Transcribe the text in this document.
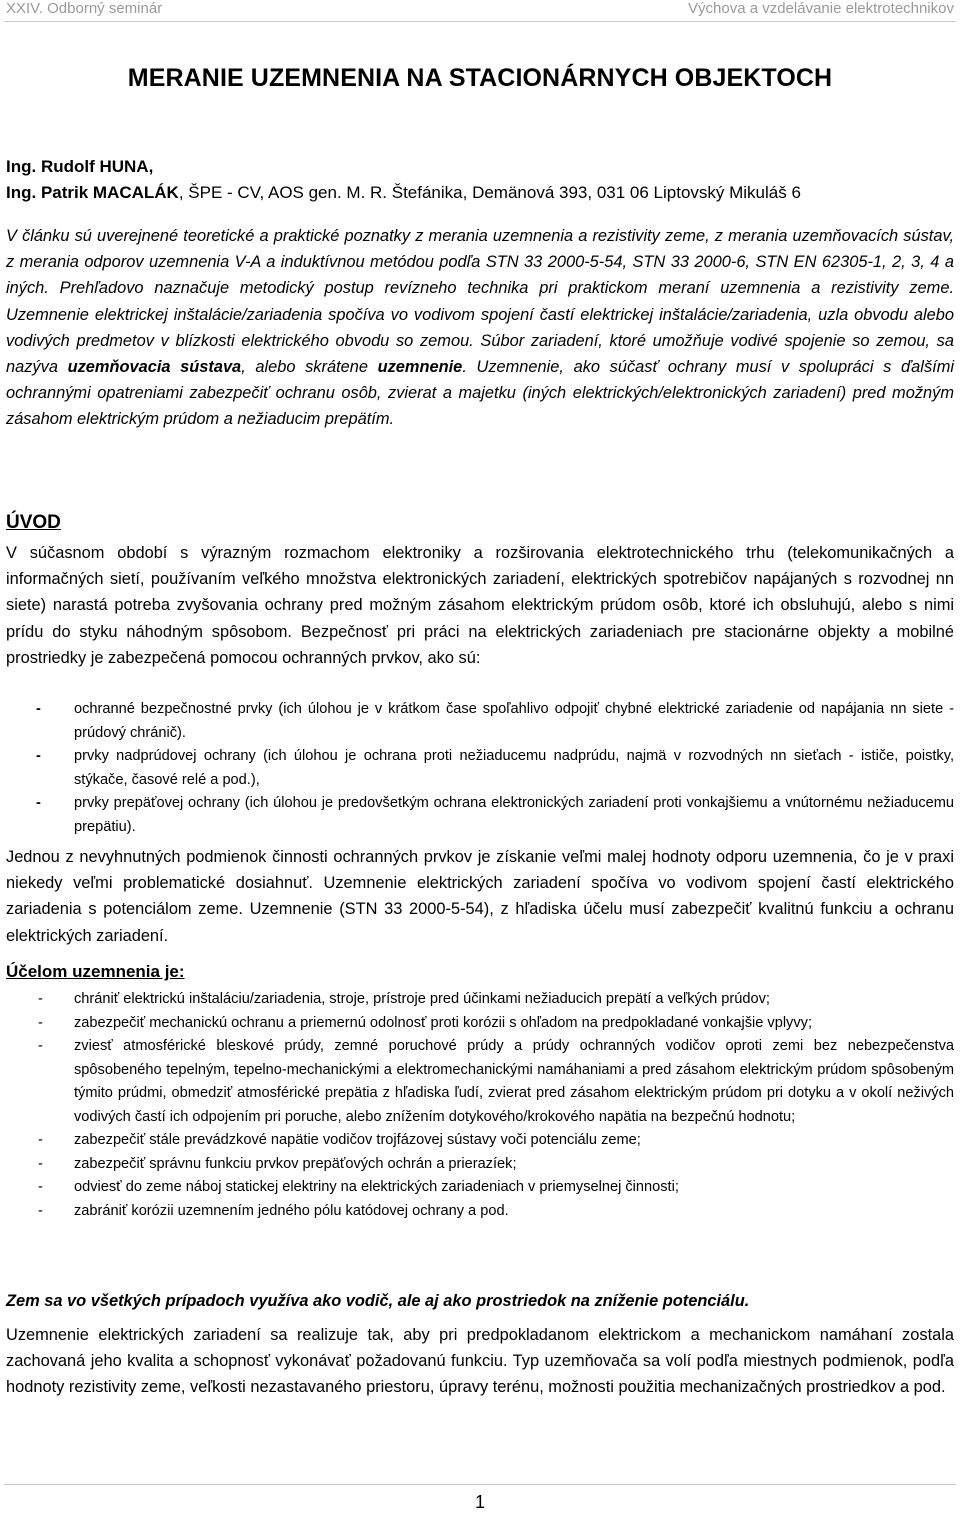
XXIV. Odborný seminár	Výchova a vzdelávanie elektrotechnikov
MERANIE UZEMNENIA NA STACIONÁRNYCH OBJEKTOCH
Ing. Rudolf HUNA,
Ing. Patrik MACALÁK, ŠPE - CV, AOS gen. M. R. Štefánika, Demänová 393, 031 06 Liptovský Mikuláš 6
V článku sú uverejnené teoretické a praktické poznatky z merania uzemnenia a rezistivity zeme, z merania uzemňovacích sústav, z merania odporov uzemnenia V-A a induktívnou metódou podľa STN 33 2000-5-54, STN 33 2000-6, STN EN 62305-1, 2, 3, 4 a iných. Prehľadovo naznačuje metodický postup revízneho technika pri praktickom meraní uzemnenia a rezistivity zeme. Uzemnenie elektrickej inštalácie/zariadenia spočíva vo vodivom spojení častí elektrickej inštalácie/zariadenia, uzla obvodu alebo vodivých predmetov v blízkosti elektrického obvodu so zemou. Súbor zariadení, ktoré umožňuje vodivé spojenie so zemou, sa nazýva uzemňovacia sústava, alebo skrátene uzemnenie. Uzemnenie, ako súčasť ochrany musí v spolupráci s ďalšími ochrannými opatreniami zabezpečiť ochranu osôb, zvierat a majetku (iných elektrických/elektronických zariadení) pred možným zásahom elektrickým prúdom a nežiaducim prepätím.
ÚVOD
V súčasnom období s výrazným rozmachom elektroniky a rozširovania elektrotechnického trhu (telekomunikačných a informačných sietí, používaním veľkého množstva elektronických zariadení, elektrických spotrebičov napájaných s rozvodnej nn siete) narastá potreba zvyšovania ochrany pred možným zásahom elektrickým prúdom osôb, ktoré ich obsluhujú, alebo s nimi prídu do styku náhodným spôsobom. Bezpečnosť pri práci na elektrických zariadeniach pre stacionárne objekty a mobilné prostriedky je zabezpečená pomocou ochranných prvkov, ako sú:
- ochranné bezpečnostné prvky (ich úlohou je v krátkom čase spoľahlivo odpojiť chybné elektrické zariadenie od napájania nn siete - prúdový chránič).
- prvky nadprúdovej ochrany (ich úlohou je ochrana proti nežiaducemu nadprúdu, najmä v rozvodných nn sieťach - ističe, poistky, stýkače, časové relé a pod.),
- prvky prepäťovej ochrany (ich úlohou je predovšetkým ochrana elektronických zariadení proti vonkajšiemu a vnútornému nežiaducemu prepätiu).
Jednou z nevyhnutných podmienok činnosti ochranných prvkov je získanie veľmi malej hodnoty odporu uzemnenia, čo je v praxi niekedy veľmi problematické dosiahnuť. Uzemnenie elektrických zariadení spočíva vo vodivom spojení častí elektrického zariadenia s potenciálom zeme. Uzemnenie (STN 33 2000-5-54), z hľadiska účelu musí zabezpečiť kvalitnú funkciu a ochranu elektrických zariadení.
Účelom uzemnenia je:
- chrániť elektrickú inštaláciu/zariadenia, stroje, prístroje pred účinkami nežiaducich prepätí a veľkých prúdov;
- zabezpečiť mechanickú ochranu a priemernú odolnosť proti korózii s ohľadom na predpokladané vonkajšie vplyvy;
- zviesť atmosférické bleskové prúdy, zemné poruchové prúdy a prúdy ochranných vodičov oproti zemi bez nebezpečenstva spôsobeného tepelným, tepelno-mechanickými a elektromechanickými namáhaniami a pred zásahom elektrickým prúdom spôsobeným týmito prúdmi, obmedziť atmosférické prepätia z hľadiska ľudí, zvierat pred zásahom elektrickým prúdom pri dotyku a v okolí neživých vodivých častí ich odpojením pri poruche, alebo znížením dotykového/krokového napätia na bezpečnú hodnotu;
- zabezpečiť stále prevádzkové napätie vodičov trojfázovej sústavy voči potenciálu zeme;
- zabezpečiť správnu funkciu prvkov prepäťových ochrán a prierazíek;
- odviesť do zeme náboj statickej elektriny na elektrických zariadeniach v priemyselnej činnosti;
- zabrániť korózii uzemnením jedného pólu katódovej ochrany a pod.
Zem sa vo všetkých prípadoch využíva ako vodič, ale aj ako prostriedok na zníženie potenciálu.
Uzemnenie elektrických zariadení sa realizuje tak, aby pri predpokladanom elektrickom a mechanickom namáhaní zostala zachovaná jeho kvalita a schopnosť vykonávať požadovanú funkciu. Typ uzemňovača sa volí podľa miestnych podmienok, podľa hodnoty rezistivity zeme, veľkosti nezastavaného priestoru, úpravy terénu, možnosti použitia mechanizačných prostriedkov a pod.
1
